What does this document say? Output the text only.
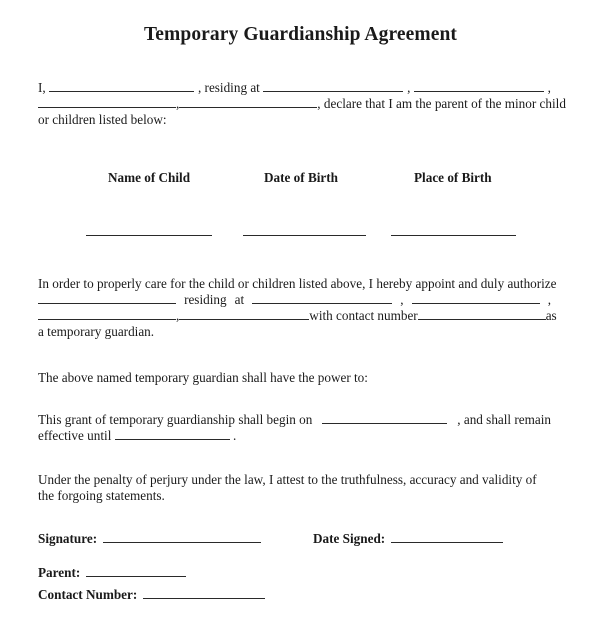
Temporary Guardianship Agreement
I,	, residing at	,	,
,	, declare that I am the parent of the minor child
or children listed below:
Name of Child	Date of Birth	Place of Birth
In order to properly care for the child or children listed above, I hereby appoint and duly authorize
residing at	,	,
,	with contact number	as
a temporary guardian.
The above named temporary guardian shall have the power to:
This grant of temporary guardianship shall begin on	, and shall remain
effective until	.
Under the penalty of perjury under the law, I attest to the truthfulness, accuracy and validity of
the forgoing statements.
Signature:	Date Signed:
Parent:
Contact Number:
